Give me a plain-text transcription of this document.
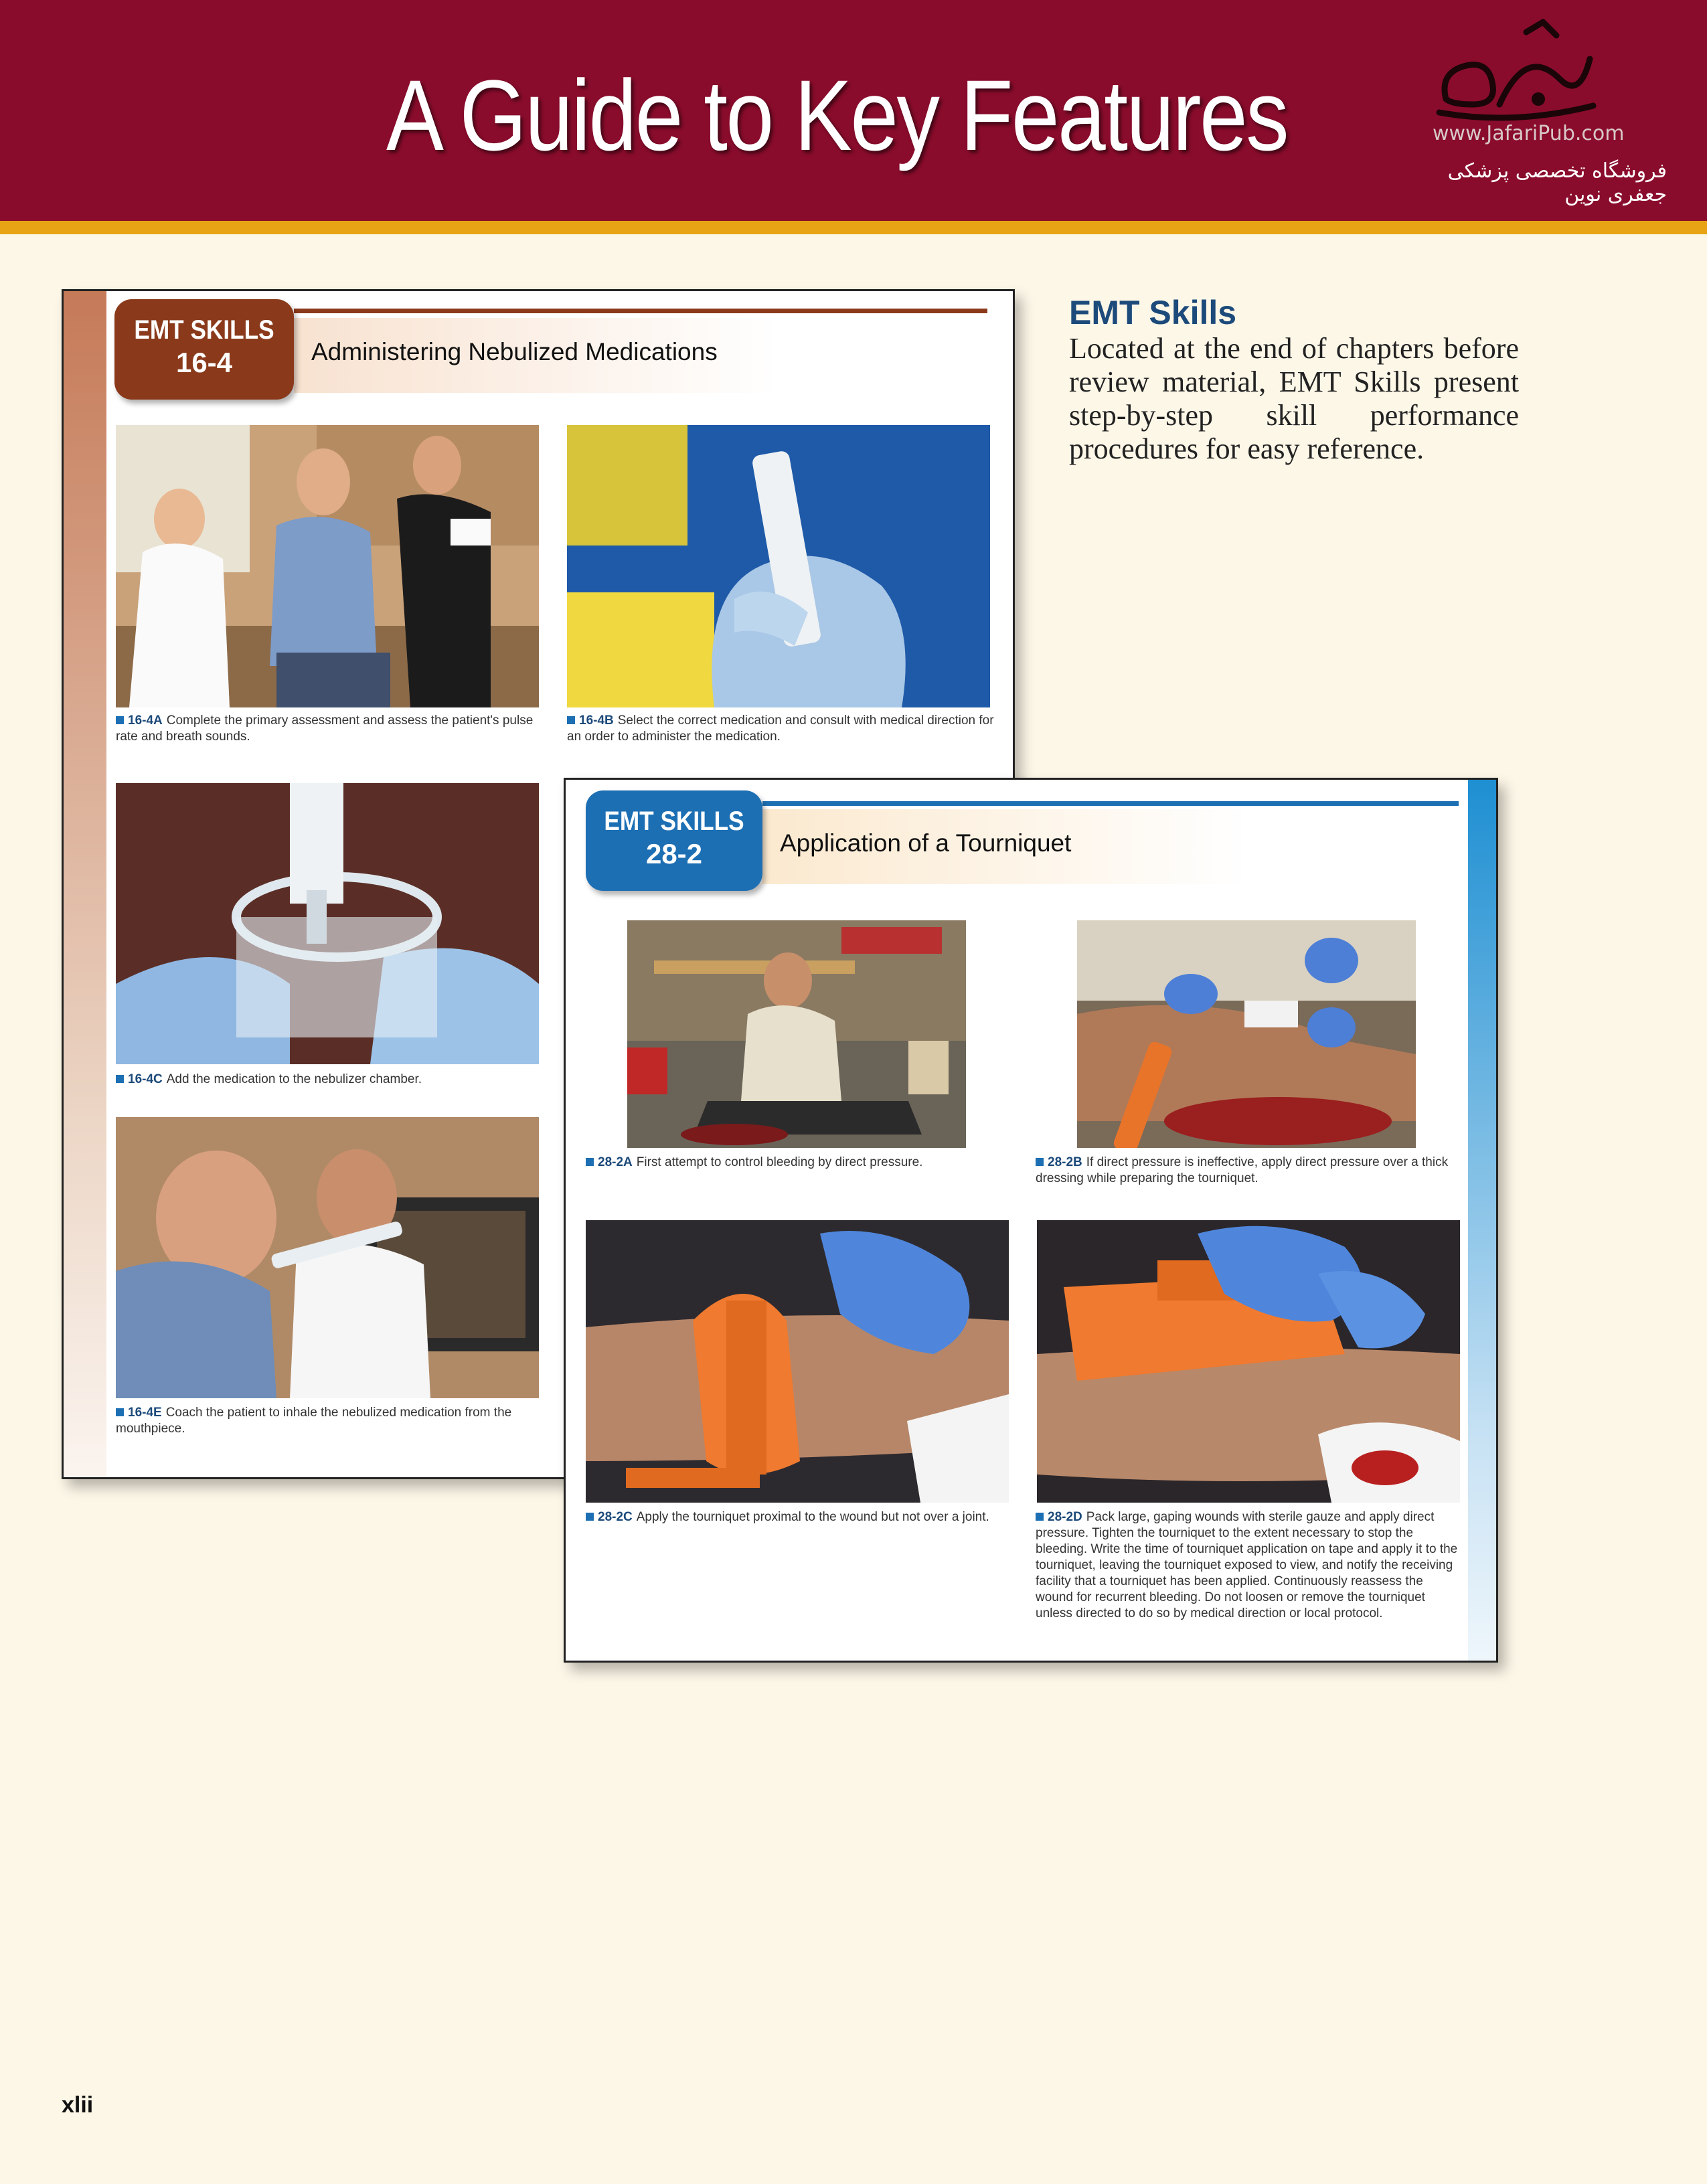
A Guide to Key Features	www.JafariPub.com
فروشگاه تخصصی پزشکی جعفری نوین
EMT Skills
Located at the end of chapters before review material, EMT Skills present step-by-step skill performance procedures for easy reference.
Administering Nebulized Medications
EMT SKILLS
16-4
16-4A Complete the primary assessment and assess the patient's pulse rate and breath sounds.
16-4B Select the correct medication and consult with medical direction for an order to administer the medication.
16-4C Add the medication to the nebulizer chamber.
16-4E Coach the patient to inhale the nebulized medication from the mouthpiece.
Application of a Tourniquet
EMT SKILLS
28-2
28-2A First attempt to control bleeding by direct pressure.	28-2B If direct pressure is ineffective, apply direct pressure over a thick dressing while preparing the tourniquet.
28-2C Apply the tourniquet proximal to the wound but not over a joint.	28-2D Pack large, gaping wounds with sterile gauze and apply direct pressure. Tighten the tourniquet to the extent necessary to stop the bleeding. Write the time of tourniquet application on tape and apply it to the tourniquet, leaving the tourniquet exposed to view, and notify the receiving facility that a tourniquet has been applied. Continuously reassess the wound for recurrent bleeding. Do not loosen or remove the tourniquet unless directed to do so by medical direction or local protocol.
xlii
